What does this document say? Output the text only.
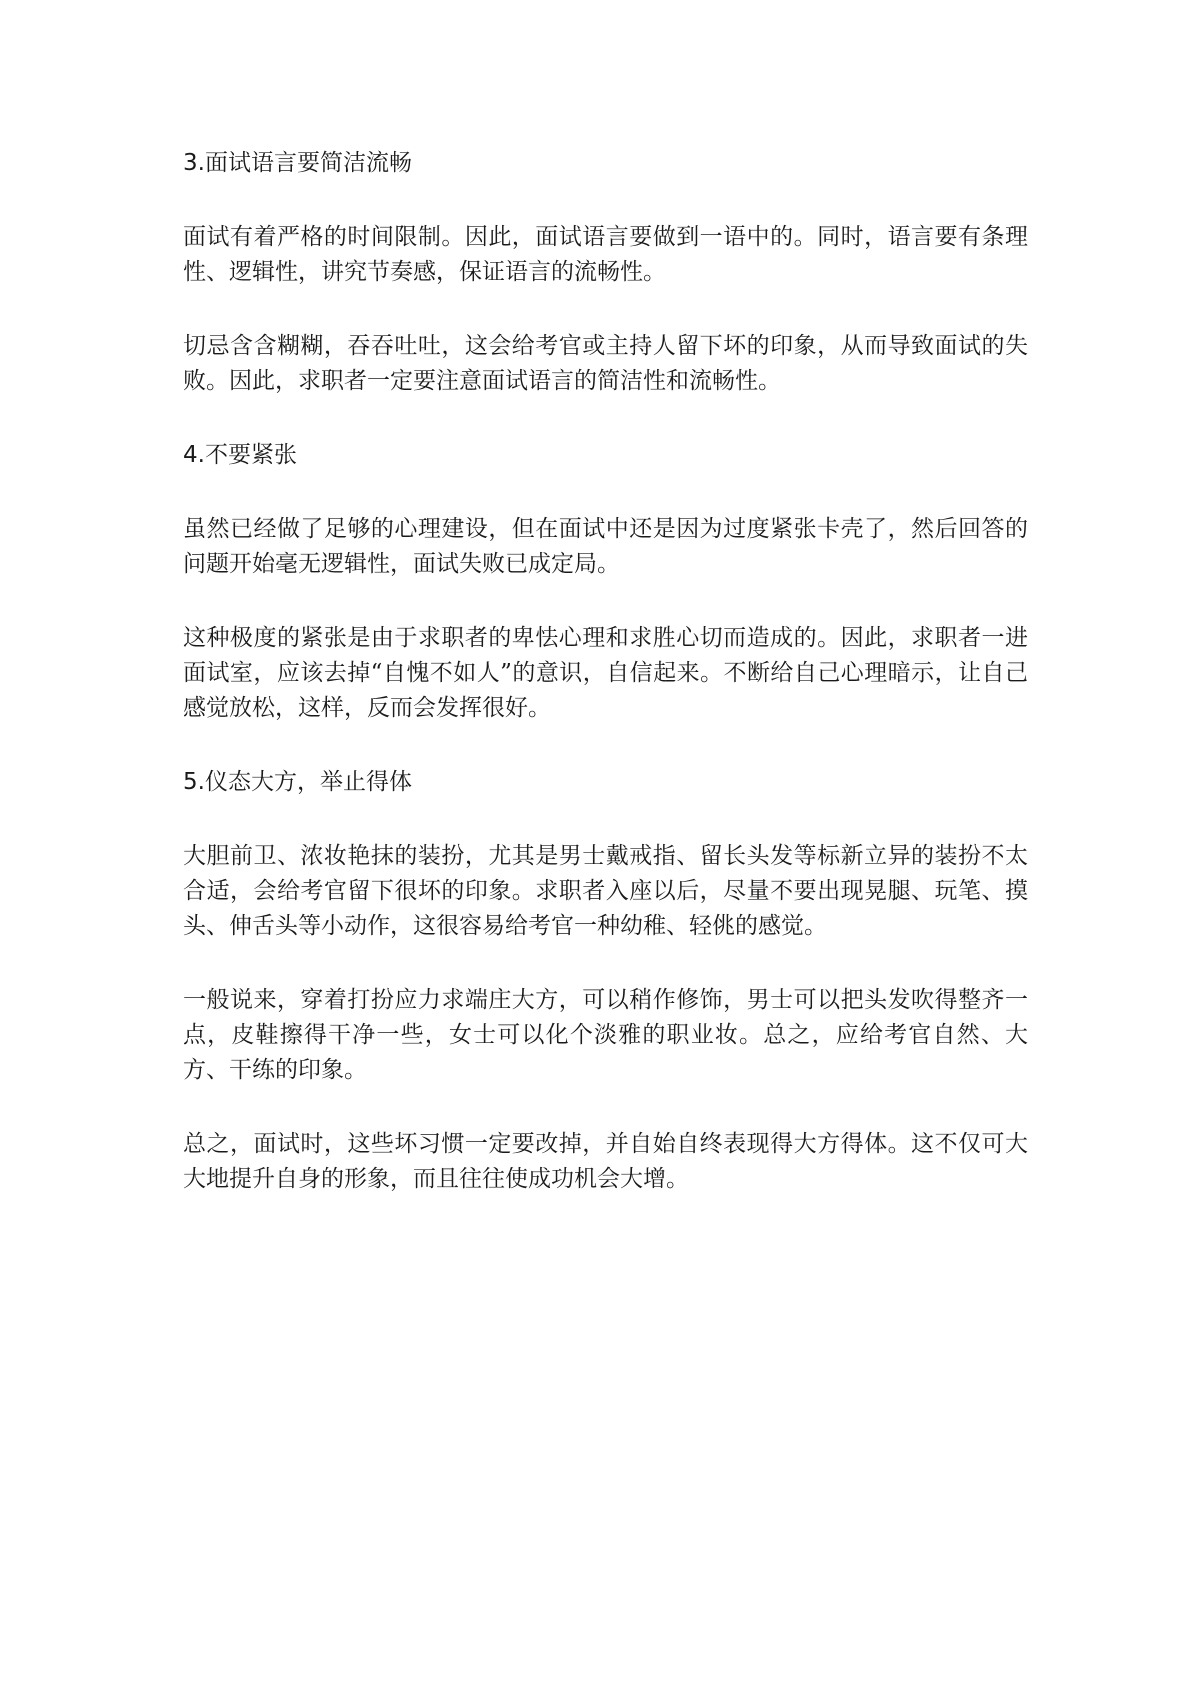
3.面试语言要简洁流畅
面试有着严格的时间限制。因此，面试语言要做到一语中的。同时，语言要有条理性、逻辑性，讲究节奏感，保证语言的流畅性。
切忌含含糊糊，吞吞吐吐，这会给考官或主持人留下坏的印象，从而导致面试的失败。因此，求职者一定要注意面试语言的简洁性和流畅性。
4.不要紧张
虽然已经做了足够的心理建设，但在面试中还是因为过度紧张卡壳了，然后回答的问题开始毫无逻辑性，面试失败已成定局。
这种极度的紧张是由于求职者的卑怯心理和求胜心切而造成的。因此，求职者一进面试室，应该去掉“自愧不如人”的意识，自信起来。不断给自己心理暗示，让自己感觉放松，这样，反而会发挥很好。
5.仪态大方，举止得体
大胆前卫、浓妆艳抹的装扮，尤其是男士戴戒指、留长头发等标新立异的装扮不太合适，会给考官留下很坏的印象。求职者入座以后，尽量不要出现晃腿、玩笔、摸头、伸舌头等小动作，这很容易给考官一种幼稚、轻佻的感觉。
一般说来，穿着打扮应力求端庄大方，可以稍作修饰，男士可以把头发吹得整齐一点，皮鞋擦得干净一些，女士可以化个淡雅的职业妆。总之，应给考官自然、大方、干练的印象。
总之，面试时，这些坏习惯一定要改掉，并自始自终表现得大方得体。这不仅可大大地提升自身的形象，而且往往使成功机会大增。
